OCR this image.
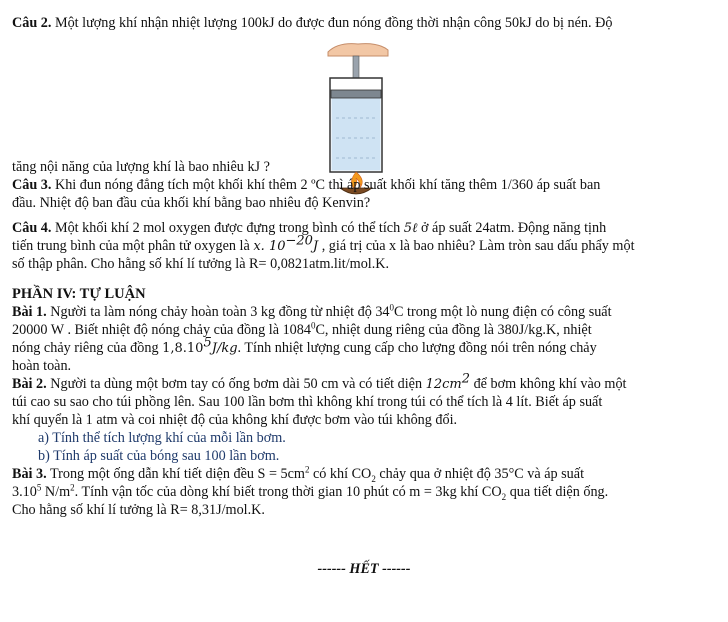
Câu 2. Một lượng khí nhận nhiệt lượng 100kJ do được đun nóng đồng thời nhận công 50kJ do bị nén. Độ
tăng nội năng của lượng khí là bao nhiêu kJ ?
Câu 3. Khi đun nóng đẳng tích một khối khí thêm 2 ºC thì áp suất khối khí tăng thêm 1/360 áp suất ban
đầu. Nhiệt độ ban đầu của khối khí bằng bao nhiêu độ Kenvin?
Câu 4. Một khối khí 2 mol oxygen được đựng trong bình có thể tích 5ℓ ở áp suất 24atm. Động năng tịnh
tiến trung bình của một phân tử oxygen là x. $10^{-20}J$ , giá trị của x là bao nhiêu? Làm tròn sau dấu phẩy một
số thập phân. Cho hằng số khí lí tưởng là R= 0,0821atm.lit/mol.K.
PHẦN IV: TỰ LUẬN
Bài 1. Người ta làm nóng chảy hoàn toàn 3 kg đồng từ nhiệt độ $34^0C$ trong một lò nung điện có công suất
20000 W . Biết nhiệt độ nóng chảy của đồng là 1084$^0$C, nhiệt dung riêng của đồng là 380J/kg.K, nhiệt
nóng chảy riêng của đồng 1,8.10$^5$J/kg. Tính nhiệt lượng cung cấp cho lượng đồng nói trên nóng chảy
hoàn toàn.
Bài 2. Người ta dùng một bơm tay có ống bơm dài 50 cm và có tiết diện $12cm^2$ để bơm không khí vào một
túi cao su sao cho túi phồng lên. Sau 100 lần bơm thì không khí trong túi có thể tích là 4 lít. Biết áp suất
khí quyển là 1 atm và coi nhiệt độ của không khí được bơm vào túi không đổi.
a) Tính thể tích lượng khí của mỗi lần bơm.
b) Tính áp suất của bóng sau 100 lần bơm.
Bài 3. Trong một ống dẫn khí tiết diện đều $S = 5cm^2$ có khí $CO_2$ chảy qua ở nhiệt độ 35°C và áp suất
3.10$^5$ $N/m^2$. Tính vận tốc của dòng khí biết trong thời gian 10 phút có m = 3kg khí $CO_2$ qua tiết diện ống.
Cho hằng số khí lí tưởng là R= 8,31J/mol.K.
------ HẾT ------
